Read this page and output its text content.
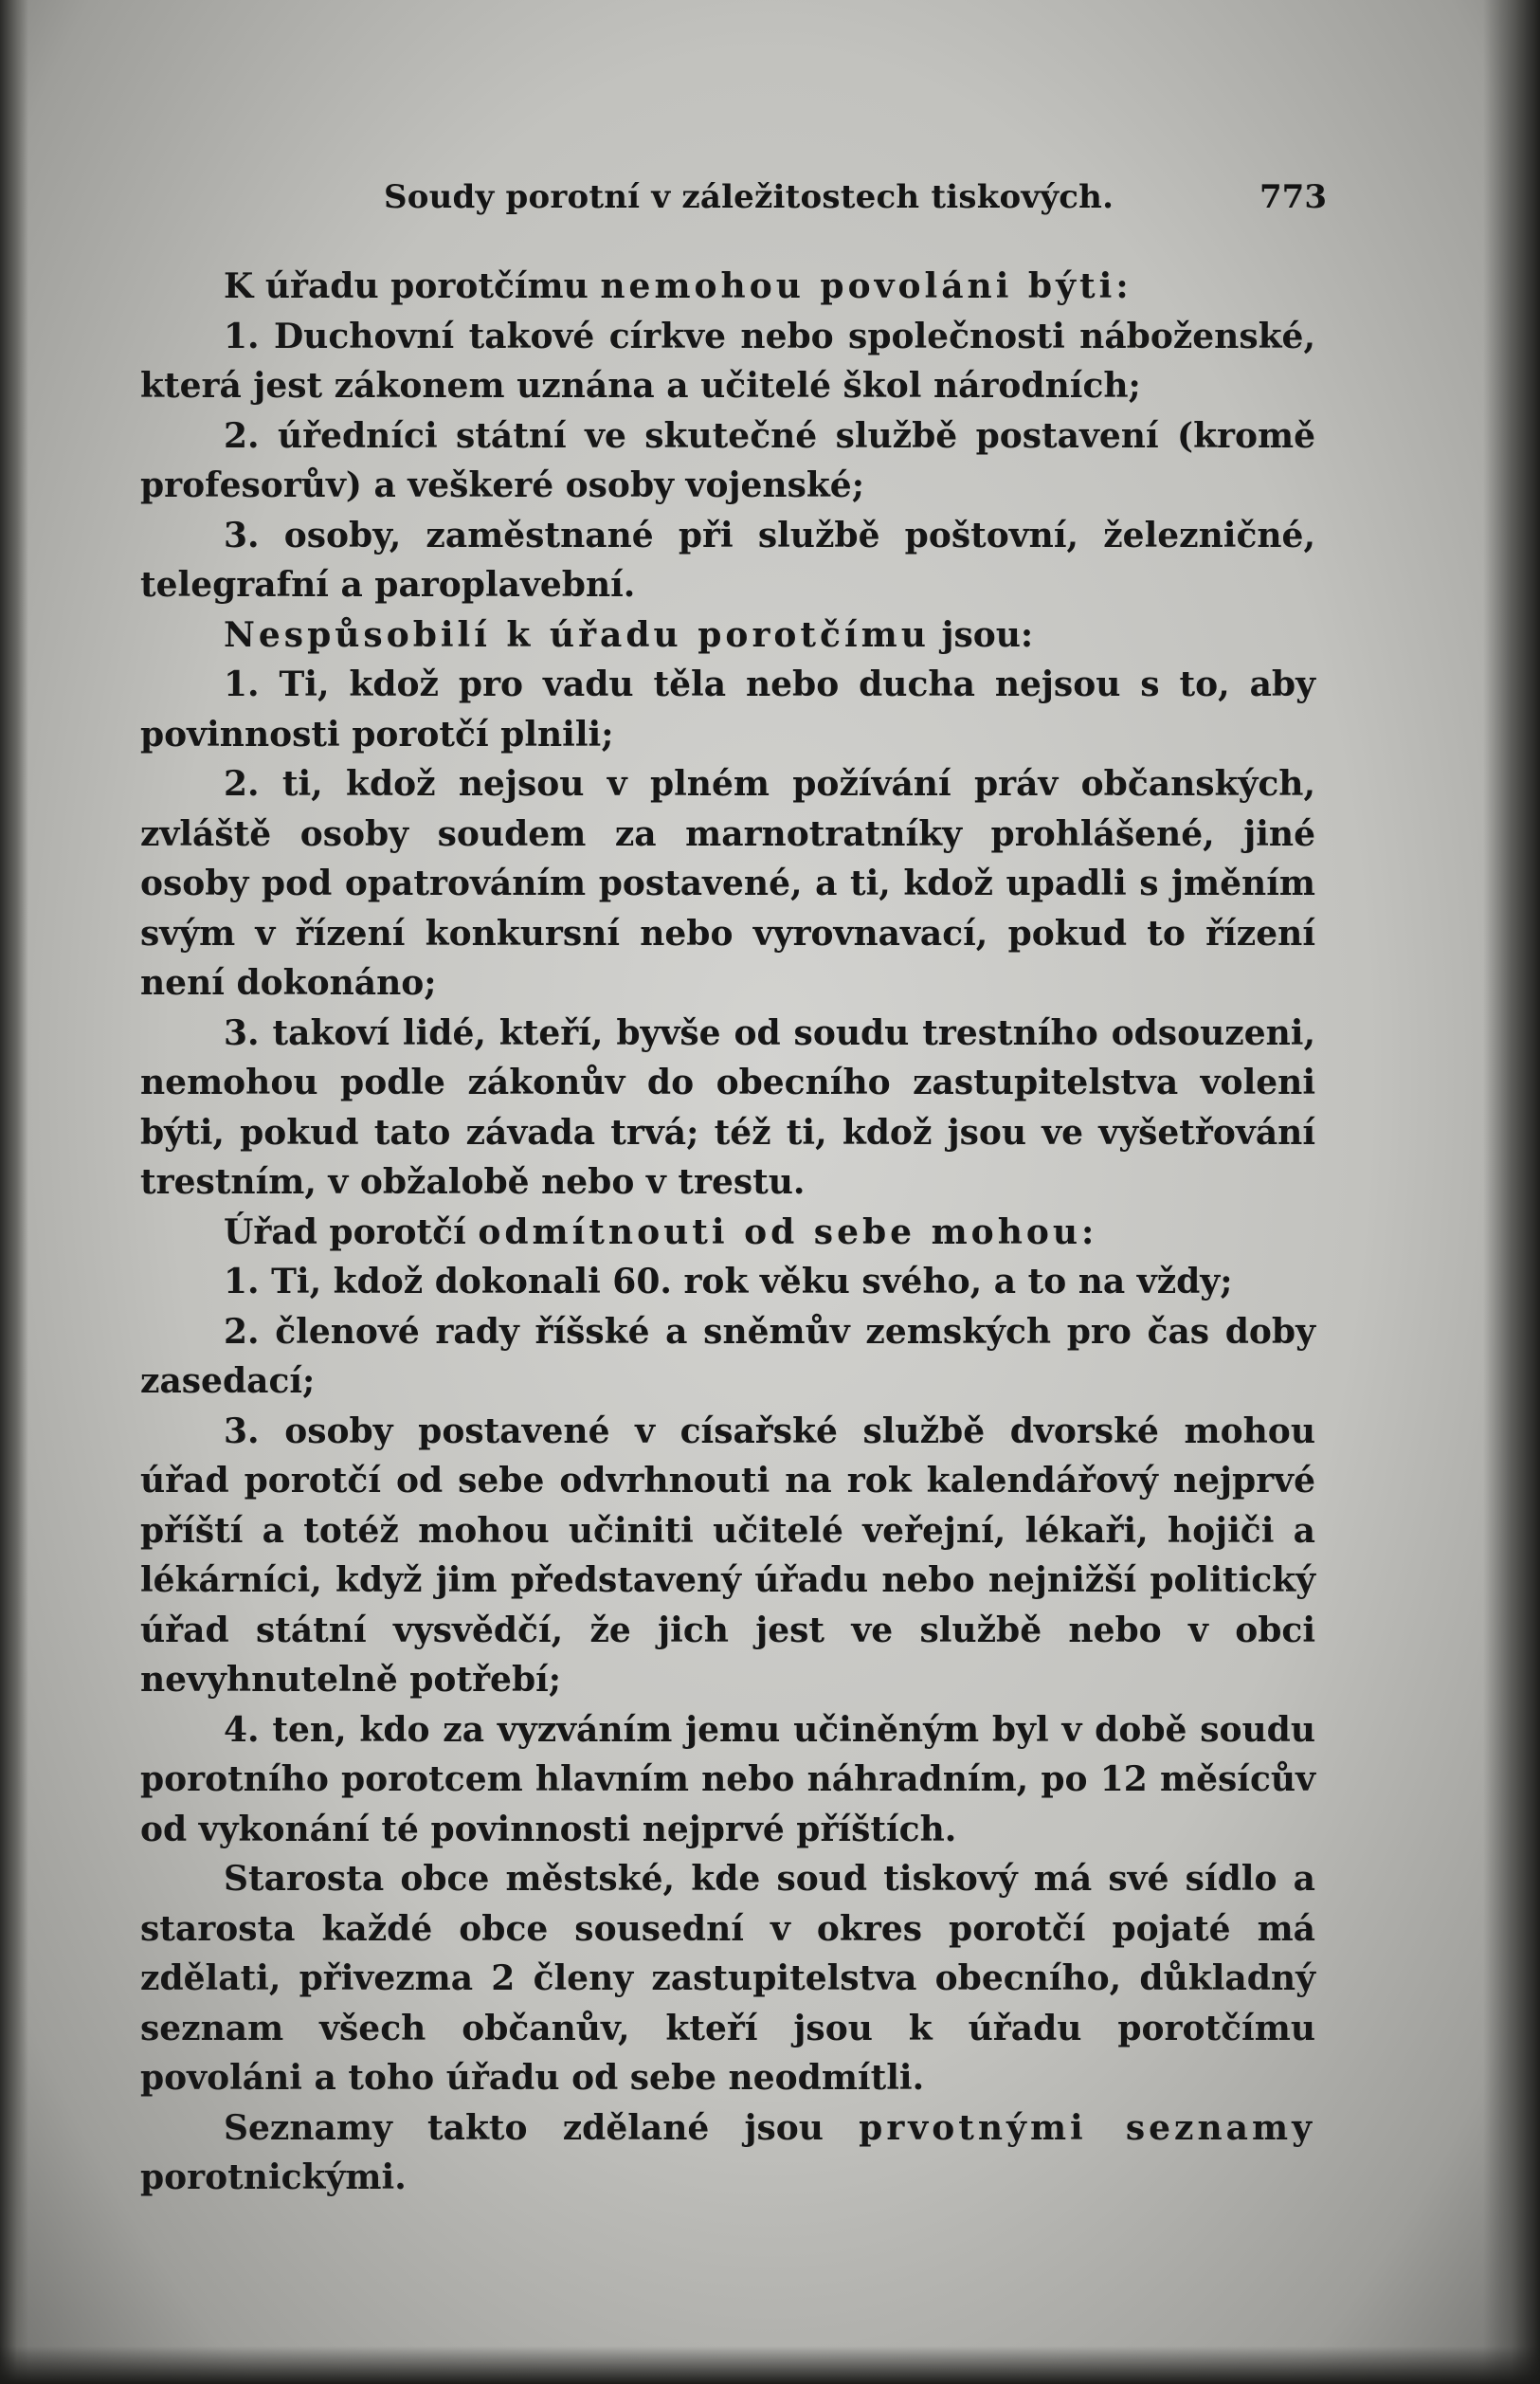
Soudy porotní v záležitostech tiskových.	773

K úřadu porotčímu nemohou povoláni býti:

1. Duchovní takové církve nebo společnosti náboženské, která jest zákonem uznána a učitelé škol národních;

2. úředníci státní ve skutečné službě postavení (kromě profesorův) a veškeré osoby vojenské;

3. osoby, zaměstnané při službě poštovní, železničné, telegrafní a paroplavební.

Nespůsobilí k úřadu porotčímu jsou:

1. Ti, kdož pro vadu těla nebo ducha nejsou s to, aby povinnosti porotčí plnili;

2. ti, kdož nejsou v plném požívání práv občanských, zvláště osoby soudem za marnotratníky prohlášené, jiné osoby pod opatrováním postavené, a ti, kdož upadli s jměním svým v řízení konkursní nebo vyrovnavací, pokud to řízení není dokonáno;

3. takoví lidé, kteří, byvše od soudu trestního odsouzeni, nemohou podle zákonův do obecního zastupitelstva voleni býti, pokud tato závada trvá; též ti, kdož jsou ve vyšetřování trestním, v obžalobě nebo v trestu.

Úřad porotčí odmítnouti od sebe mohou:

1. Ti, kdož dokonali 60. rok věku svého, a to na vždy;

2. členové rady říšské a sněmův zemských pro čas doby zasedací;

3. osoby postavené v císařské službě dvorské mohou úřad porotčí od sebe odvrhnouti na rok kalendářový nejprvé příští a totéž mohou učiniti učitelé veřejní, lékaři, hojiči a lékárníci, když jim představený úřadu nebo nejnižší politický úřad státní vysvědčí, že jich jest ve službě nebo v obci nevyhnutelně potřebí;

4. ten, kdo za vyzváním jemu učiněným byl v době soudu porotního porotcem hlavním nebo náhradním, po 12 měsícův od vykonání té povinnosti nejprvé příštích.

Starosta obce městské, kde soud tiskový má své sídlo a starosta každé obce sousední v okres porotčí pojaté má zdělati, přivezma 2 členy zastupitelstva obecního, důkladný seznam všech občanův, kteří jsou k úřadu porotčímu povoláni a toho úřadu od sebe neodmítli.

Seznamy takto zdělané jsou prvotnými seznamy porotnickými.
